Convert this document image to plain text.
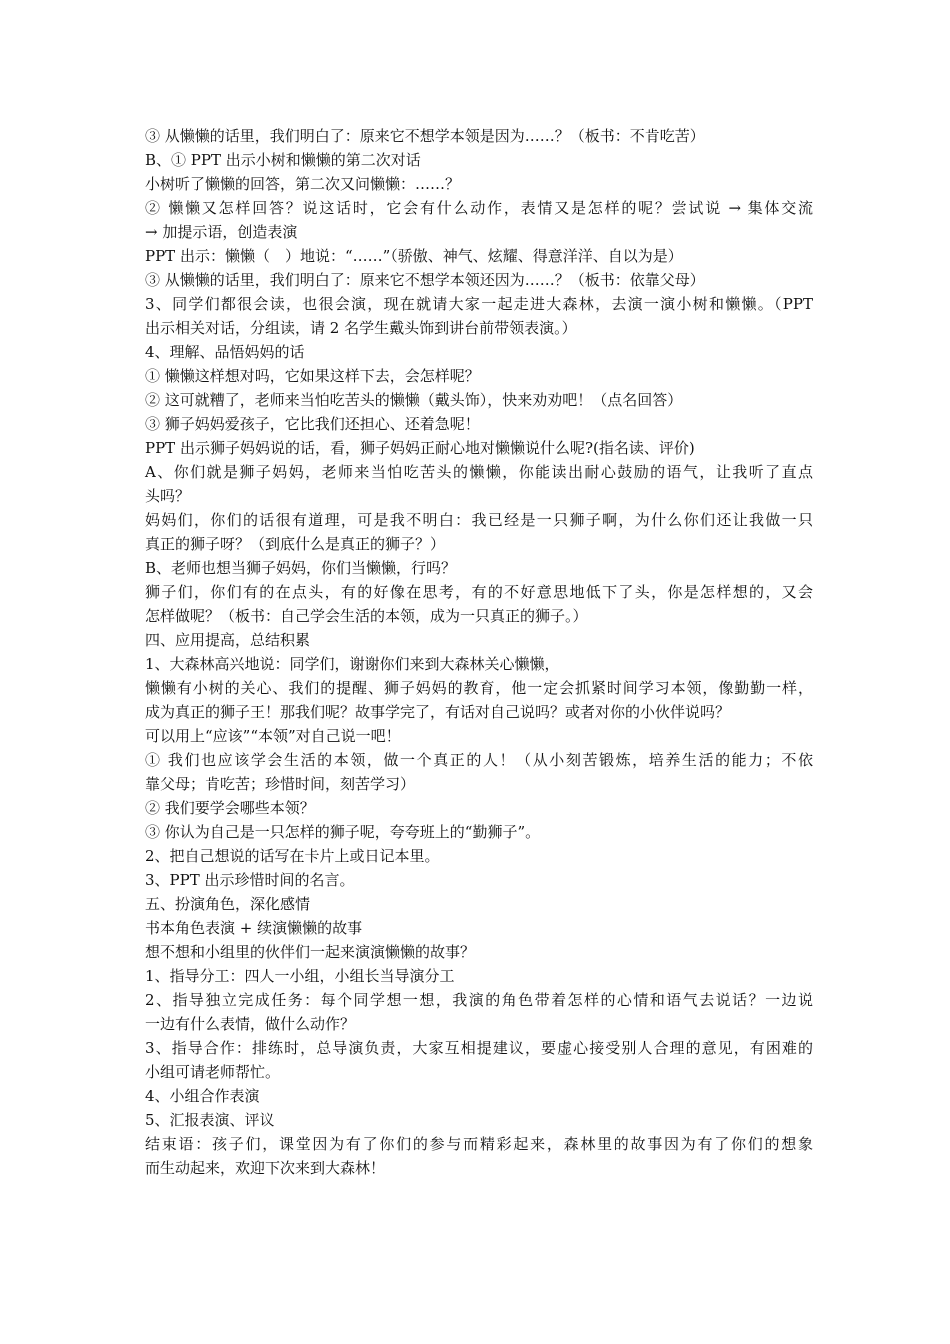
③ 从懒懒的话里，我们明白了：原来它不想学本领是因为……？（板书：不肯吃苦）

B、① PPT 出示小树和懒懒的第二次对话

小树听了懒懒的回答，第二次又问懒懒：……？

② 懒懒又怎样回答？说这话时，它会有什么动作，表情又是怎样的呢？尝试说 → 集体交流

→ 加提示语，创造表演

PPT 出示：懒懒（　）地说：“……”（骄傲、神气、炫耀、得意洋洋、自以为是）

③ 从懒懒的话里，我们明白了：原来它不想学本领还因为……？（板书：依靠父母）

3、同学们都很会读，也很会演，现在就请大家一起走进大森林，去演一演小树和懒懒。（PPT

出示相关对话，分组读，请 2 名学生戴头饰到讲台前带领表演。）

4、理解、品悟妈妈的话

① 懒懒这样想对吗，它如果这样下去，会怎样呢？

② 这可就糟了，老师来当怕吃苦头的懒懒（戴头饰），快来劝劝吧！（点名回答）

③ 狮子妈妈爱孩子，它比我们还担心、还着急呢！

PPT 出示狮子妈妈说的话，看，狮子妈妈正耐心地对懒懒说什么呢?(指名读、评价)

A、你们就是狮子妈妈，老师来当怕吃苦头的懒懒，你能读出耐心鼓励的语气，让我听了直点

头吗？

妈妈们，你们的话很有道理，可是我不明白：我已经是一只狮子啊，为什么你们还让我做一只

真正的狮子呀？（到底什么是真正的狮子？）

B、老师也想当狮子妈妈，你们当懒懒，行吗？

狮子们，你们有的在点头，有的好像在思考，有的不好意思地低下了头，你是怎样想的，又会

怎样做呢？（板书：自己学会生活的本领，成为一只真正的狮子。）

四、应用提高，总结积累

1、大森林高兴地说：同学们，谢谢你们来到大森林关心懒懒，

懒懒有小树的关心、我们的提醒、狮子妈妈的教育，他一定会抓紧时间学习本领，像勤勤一样，

成为真正的狮子王！那我们呢？故事学完了，有话对自己说吗？或者对你的小伙伴说吗？

可以用上“应该”“本领”对自己说一吧！

① 我们也应该学会生活的本领，做一个真正的人！（从小刻苦锻炼，培养生活的能力；不依

靠父母；肯吃苦；珍惜时间，刻苦学习）

② 我们要学会哪些本领？

③ 你认为自己是一只怎样的狮子呢，夸夸班上的“勤狮子”。

2、把自己想说的话写在卡片上或日记本里。

3、PPT 出示珍惜时间的名言。

五、扮演角色，深化感情

书本角色表演 + 续演懒懒的故事

想不想和小组里的伙伴们一起来演演懒懒的故事？

1、指导分工：四人一小组，小组长当导演分工

2、指导独立完成任务：每个同学想一想，我演的角色带着怎样的心情和语气去说话？一边说

一边有什么表情，做什么动作？

3、指导合作：排练时，总导演负责，大家互相提建议，要虚心接受别人合理的意见，有困难的

小组可请老师帮忙。

4、小组合作表演

5、汇报表演、评议

结束语：孩子们，课堂因为有了你们的参与而精彩起来，森林里的故事因为有了你们的想象

而生动起来，欢迎下次来到大森林！
